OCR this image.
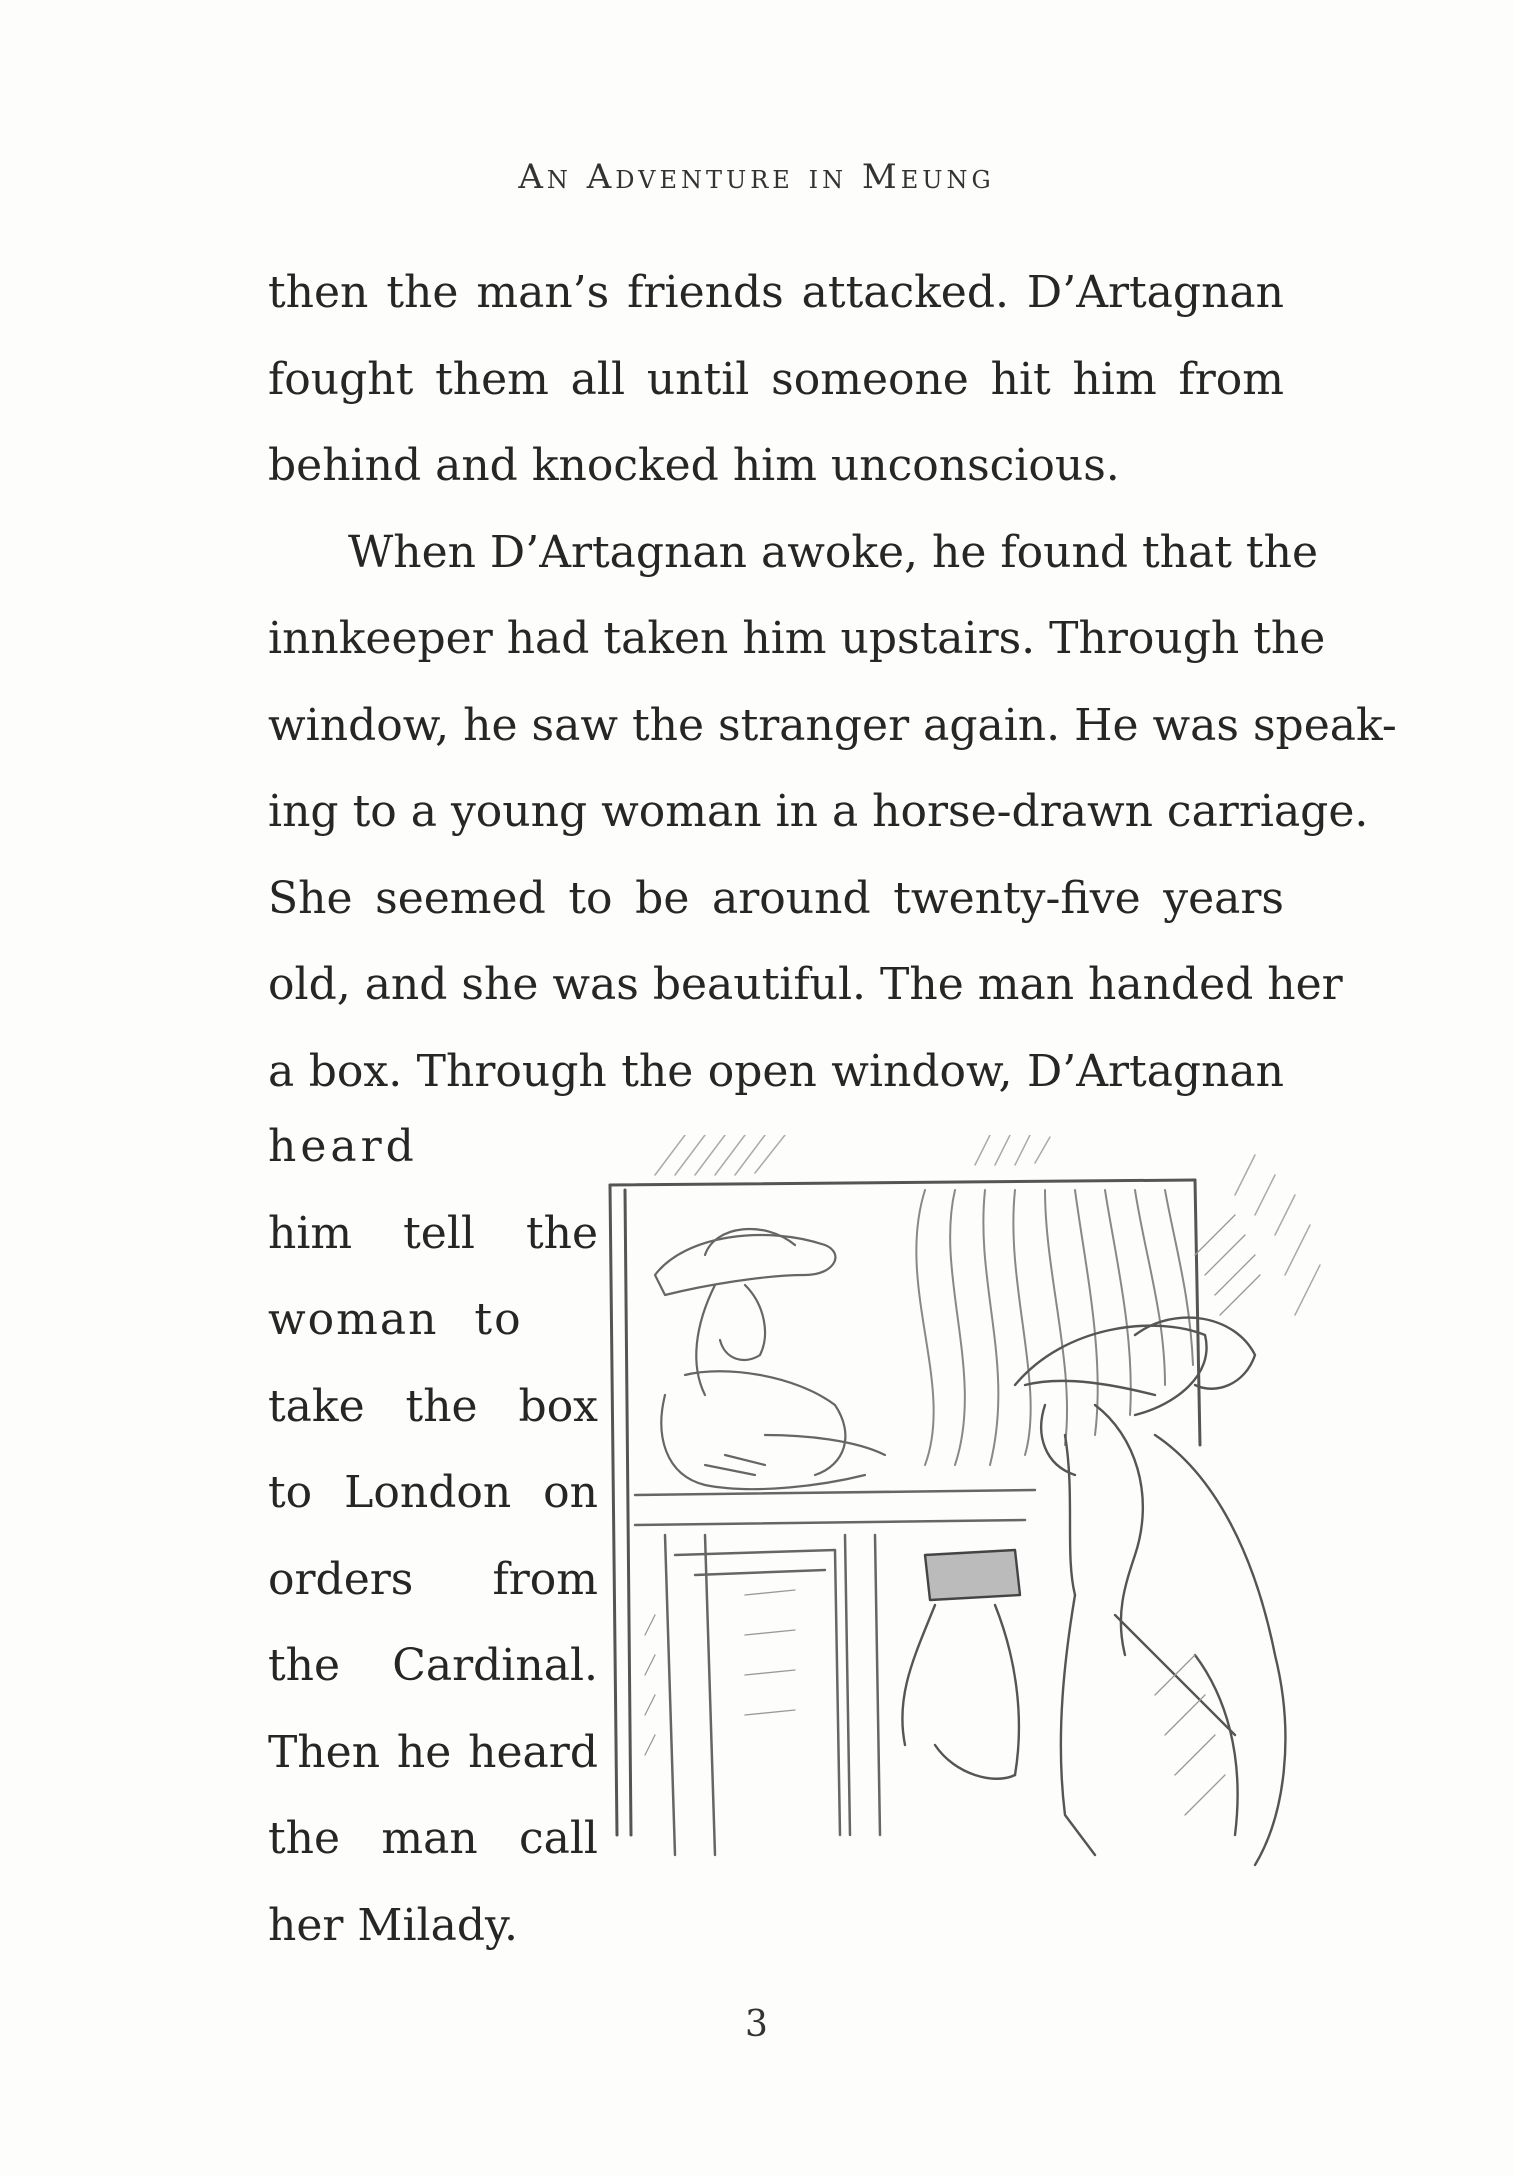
An Adventure in Meung
then the man’s friends attacked. D’Artagnan
fought them all until someone hit him from
behind and knocked him unconscious.
When D’Artagnan awoke, he found that the
innkeeper had taken him upstairs. Through the
window, he saw the stranger again. He was speak-
ing to a young woman in a horse-drawn carriage.
She seemed to be around twenty-five years
old, and she was beautiful. The man handed her
a box. Through the open window, D’Artagnan
heard
him tell the
woman to
take the box
to London on
orders from
the Cardinal.
Then he heard
the man call
her Milady.
3
